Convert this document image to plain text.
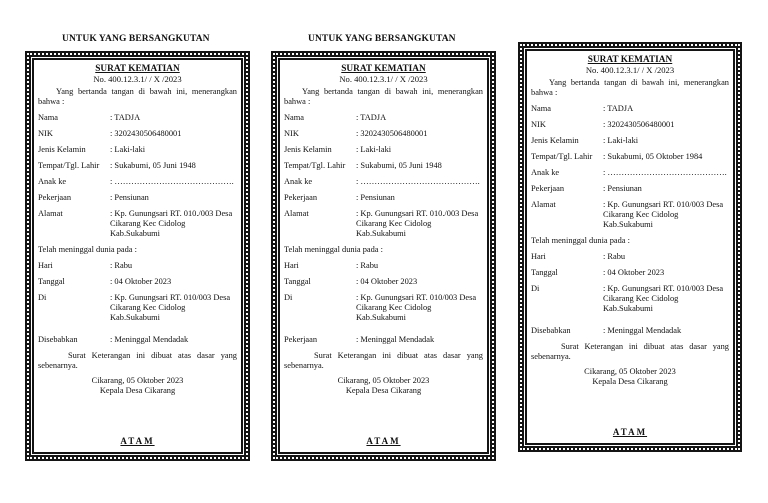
UNTUK YANG BERSANGKUTAN	UNTUK YANG BERSANGKUTAN
SURAT KEMATIAN
No. 400.12.3.1/ / X /2023
Yang bertanda tangan di bawah ini, menerangkan bahwa :
Nama	: TADJA
NIK	: 3202430506480001
Jenis Kelamin	: Laki-laki
Tempat/Tgl. Lahir	: Sukabumi, 05 Juni 1948
Anak ke	: …………………………………….
Pekerjaan	: Pensiunan
Alamat	: Kp. Gunungsari RT. 010./003 Desa Cikarang Kec Cidolog Kab.Sukabumi
Telah meninggal dunia pada :
Hari	: Rabu
Tanggal	: 04 Oktober 2023
Di	: Kp. Gunungsari RT. 010/003 Desa Cikarang Kec Cidolog Kab.Sukabumi
Disebabkan	: Meninggal Mendadak
Surat Keterangan ini dibuat atas dasar yang sebenarnya.
Cikarang, 05 Oktober 2023
Kepala Desa Cikarang
ATAM
SURAT KEMATIAN
No. 400.12.3.1/ / X /2023
Yang bertanda tangan di bawah ini, menerangkan bahwa :
Nama	: TADJA
NIK	: 3202430506480001
Jenis Kelamin	: Laki-laki
Tempat/Tgl. Lahir	: Sukabumi, 05 Juni 1948
Anak ke	: …………………………………….
Pekerjaan	: Pensiunan
Alamat	: Kp. Gunungsari RT. 010./003 Desa Cikarang Kec Cidolog Kab.Sukabumi
Telah meninggal dunia pada :
Hari	: Rabu
Tanggal	: 04 Oktober 2023
Di	: Kp. Gunungsari RT. 010/003 Desa Cikarang Kec Cidolog Kab.Sukabumi
Pekerjaan	: Meninggal Mendadak
Surat Keterangan ini dibuat atas dasar yang sebenarnya.
Cikarang, 05 Oktober 2023
Kepala Desa Cikarang
ATAM
SURAT KEMATIAN
No. 400.12.3.1/ / X /2023
Yang bertanda tangan di bawah ini, menerangkan bahwa :
Nama	: TADJA
NIK	: 3202430506480001
Jenis Kelamin	: Laki-laki
Tempat/Tgl. Lahir	: Sukabumi, 05 Oktober 1984
Anak ke	: …………………………………….
Pekerjaan	: Pensiunan
Alamat	: Kp. Gunungsari RT. 010/003 Desa Cikarang Kec Cidolog Kab.Sukabumi
Telah meninggal dunia pada :
Hari	: Rabu
Tanggal	: 04 Oktober 2023
Di	: Kp. Gunungsari RT. 010/003 Desa Cikarang Kec Cidolog Kab.Sukabumi
Disebabkan	: Meninggal Mendadak
Surat Keterangan ini dibuat atas dasar yang sebenarnya.
Cikarang, 05 Oktober 2023
Kepala Desa Cikarang
ATAM
